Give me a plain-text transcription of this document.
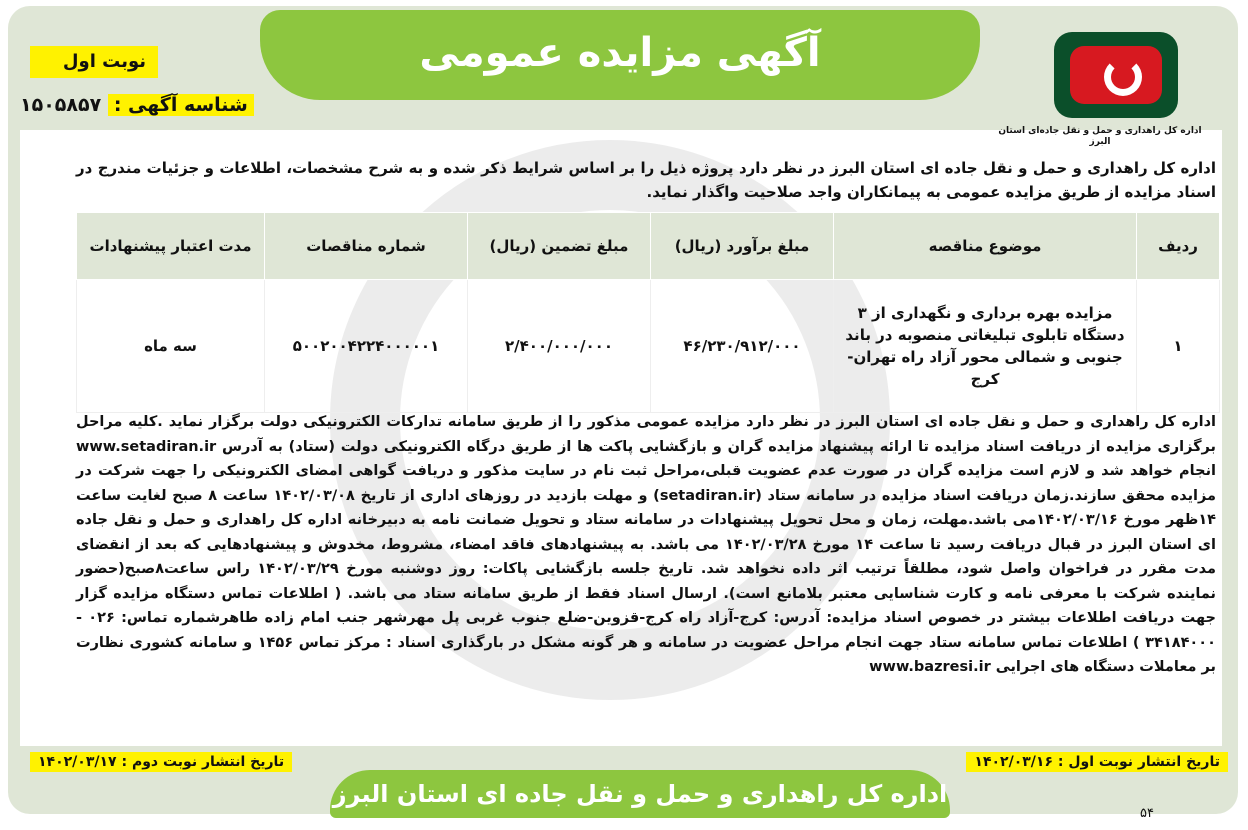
آگهی مزایده عمومی
نوبت اول
شناسه آگهی : ۱۵۰۵۸۵۷
اداره کل راهداری و حمل و نقل جاده‌ای استان البرز
اداره کل راهداری و حمل و نقل جاده ای استان البرز در نظر دارد پروژه ذیل را بر اساس شرایط ذکر شده و به شرح مشخصات، اطلاعات و جزئیات مندرج در اسناد مزایده از طریق مزایده عمومی به پیمانکاران واجد صلاحیت واگذار نماید.
ردیف	موضوع مناقصه	مبلغ برآورد (ریال)	مبلغ تضمین (ریال)	شماره مناقصات	مدت اعتبار پیشنهادات
۱	مزایده بهره برداری و نگهداری از ۳ دستگاه تابلوی تبلیغاتی منصوبه در باند جنوبی و شمالی محور آزاد راه تهران-کرج	۴۶/۲۳۰/۹۱۲/۰۰۰	۲/۴۰۰/۰۰۰/۰۰۰	۵۰۰۲۰۰۴۲۲۴۰۰۰۰۰۱	سه ماه

اداره کل راهداری و حمل و نقل جاده ای استان البرز در نظر دارد مزایده عمومی مذکور را از طریق سامانه تدارکات الکترونیکی دولت برگزار نماید .کلیه مراحل برگزاری مزایده از دریافت اسناد مزایده تا ارائه پیشنهاد مزایده گران و بازگشایی پاکت ها از طریق درگاه الکترونیکی دولت (ستاد) به آدرس www.setadiran.ir انجام خواهد شد و لازم است مزایده گران در صورت عدم عضویت قبلی،مراحل ثبت نام در سایت مذکور و دریافت گواهی امضای الکترونیکی را جهت شرکت در مزایده محقق سازند.زمان دریافت اسناد مزایده در سامانه ستاد (setadiran.ir) و مهلت بازدید در روزهای اداری از تاریخ ۱۴۰۲/۰۳/۰۸ ساعت ۸ صبح لغایت ساعت ۱۴ظهر مورخ ۱۴۰۲/۰۳/۱۶می باشد.مهلت، زمان و محل تحویل پیشنهادات در سامانه ستاد و تحویل ضمانت نامه به دبیرخانه اداره کل راهداری و حمل و نقل جاده ای استان البرز در قبال دریافت رسید تا ساعت ۱۴ مورخ ۱۴۰۲/۰۳/۲۸ می باشد. به پیشنهادهای فاقد امضاء، مشروط، مخدوش و پیشنهادهایی که بعد از انقضای مدت مقرر در فراخوان واصل شود، مطلقاً ترتیب اثر داده نخواهد شد. تاریخ جلسه بازگشایی پاکات: روز دوشنبه مورخ ۱۴۰۲/۰۳/۲۹ راس ساعت۸صبح(حضور نماینده شرکت با معرفی نامه و کارت شناسایی معتبر بلامانع است). ارسال اسناد فقط از طریق سامانه ستاد می باشد. ( اطلاعات تماس دستگاه مزایده گزار جهت دریافت اطلاعات بیشتر در خصوص اسناد مزایده: آدرس: کرج-آزاد راه کرج-قزوین-ضلع جنوب غربی پل مهرشهر جنب امام زاده طاهرشماره تماس: ۰۲۶ - ۳۴۱۸۴۰۰۰ ) اطلاعات تماس سامانه ستاد جهت انجام مراحل عضویت در سامانه و هر گونه مشکل در بارگذاری اسناد : مرکز تماس ۱۴۵۶ و سامانه کشوری نظارت بر معاملات دستگاه های اجرایی www.bazresi.ir

تاریخ انتشار نوبت اول : ۱۴۰۲/۰۳/۱۶
تاریخ انتشار نوبت دوم : ۱۴۰۲/۰۳/۱۷
اداره کل راهداری و حمل و نقل جاده ای استان البرز
۵۴
